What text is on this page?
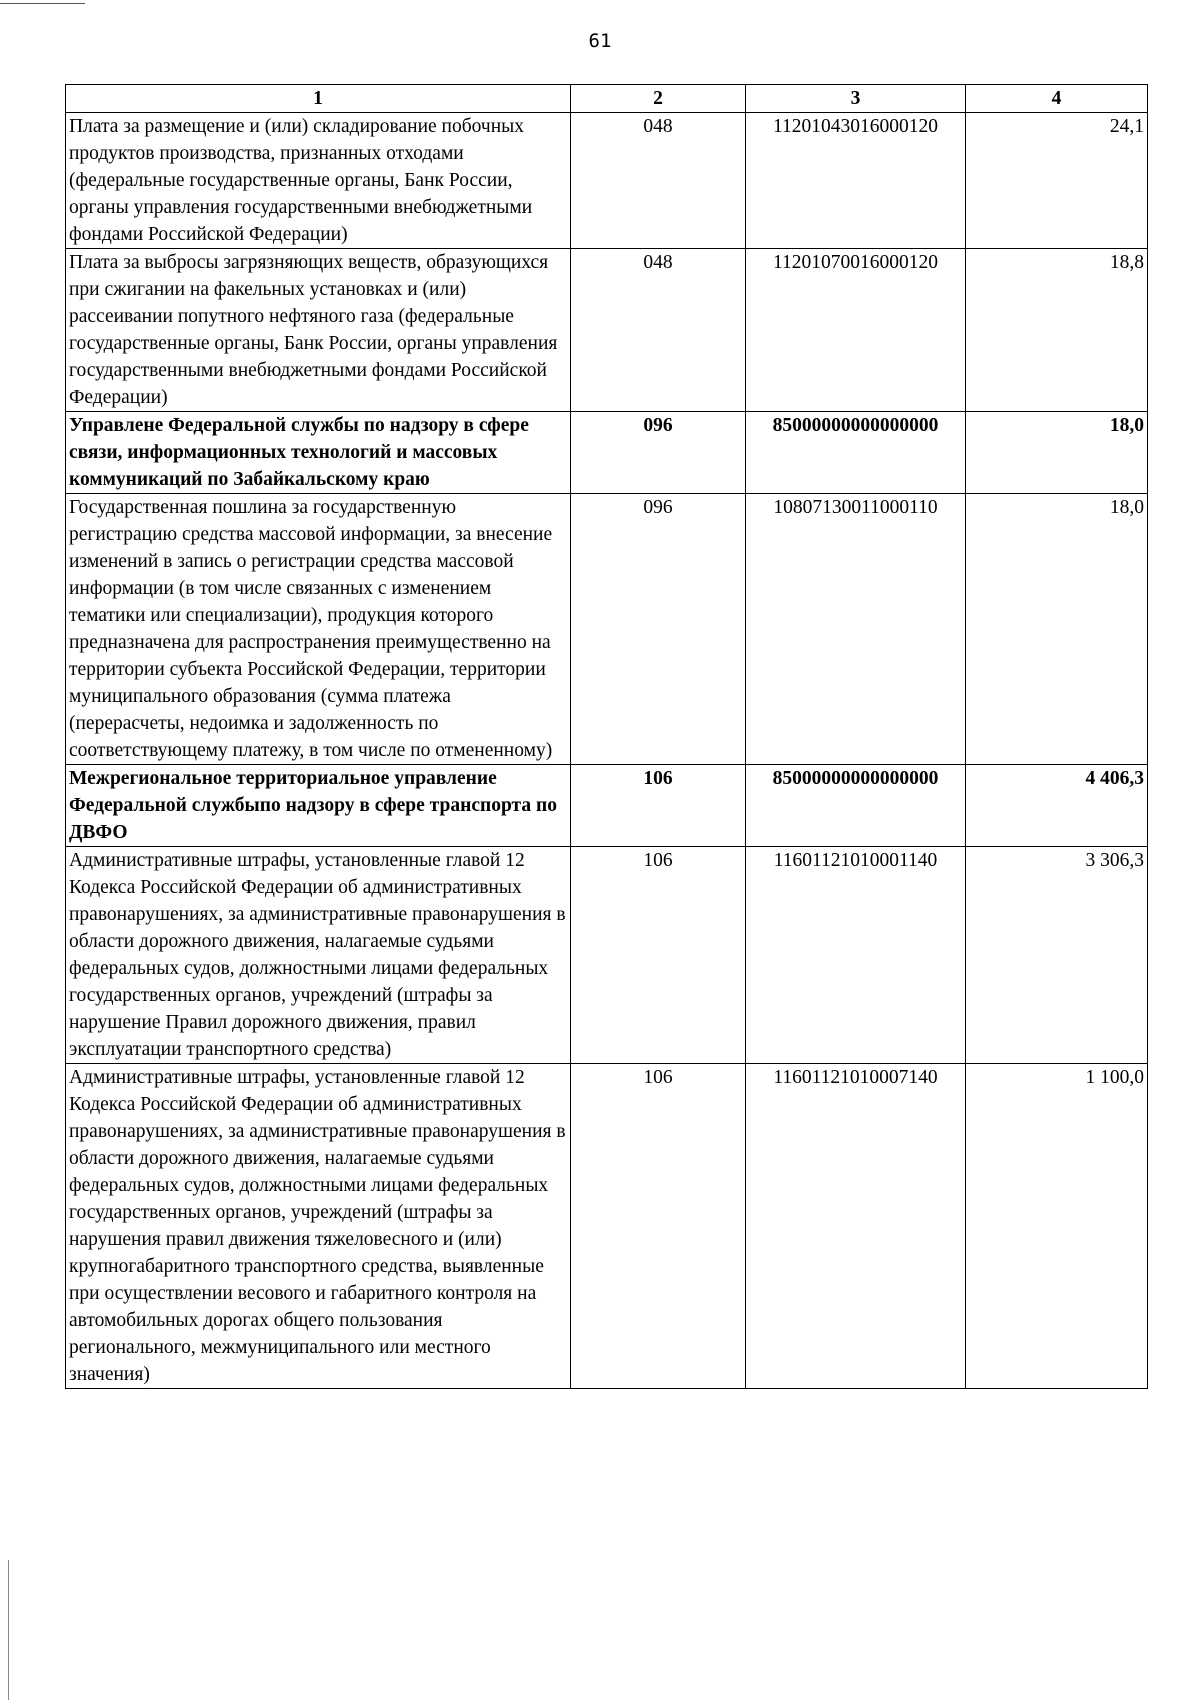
61
1	2	3	4
Плата за размещение и (или) складирование побочных продуктов производства, признанных отходами (федеральные государственные органы, Банк России, органы управления государственными внебюджетными фондами Российской Федерации)	048	11201043016000120	24,1
Плата за выбросы загрязняющих веществ, образующихся при сжигании на факельных установках и (или) рассеивании попутного нефтяного газа (федеральные государственные органы, Банк России, органы управления государственными внебюджетными фондами Российской Федерации)	048	11201070016000120	18,8
Управлене Федеральной службы по надзору в сфере связи, информационных технологий и массовых коммуникаций по Забайкальскому краю	096	85000000000000000	18,0
Государственная пошлина за государственную регистрацию средства массовой информации, за внесение изменений в запись о регистрации средства массовой информации (в том числе связанных с изменением тематики или специализации), продукция которого предназначена для распространения преимущественно на территории субъекта Российской Федерации, территории муниципального образования (сумма платежа (перерасчеты, недоимка и задолженность по соответствующему платежу, в том числе по отмененному)	096	10807130011000110	18,0
Межрегиональное территориальное управление Федеральной службыпо надзору в сфере транспорта по ДВФО	106	85000000000000000	4 406,3
Административные штрафы, установленные главой 12 Кодекса Российской Федерации об административных правонарушениях, за административные правонарушения в области дорожного движения, налагаемые судьями федеральных судов, должностными лицами федеральных государственных органов, учреждений (штрафы за нарушение Правил дорожного движения, правил эксплуатации транспортного средства)	106	11601121010001140	3 306,3
Административные штрафы, установленные главой 12 Кодекса Российской Федерации об административных правонарушениях, за административные правонарушения в области дорожного движения, налагаемые судьями федеральных судов, должностными лицами федеральных государственных органов, учреждений (штрафы за нарушения правил движения тяжеловесного и (или) крупногабаритного транспортного средства, выявленные при осуществлении весового и габаритного контроля на автомобильных дорогах общего пользования регионального, межмуниципального или местного значения)	106	11601121010007140	1 100,0
